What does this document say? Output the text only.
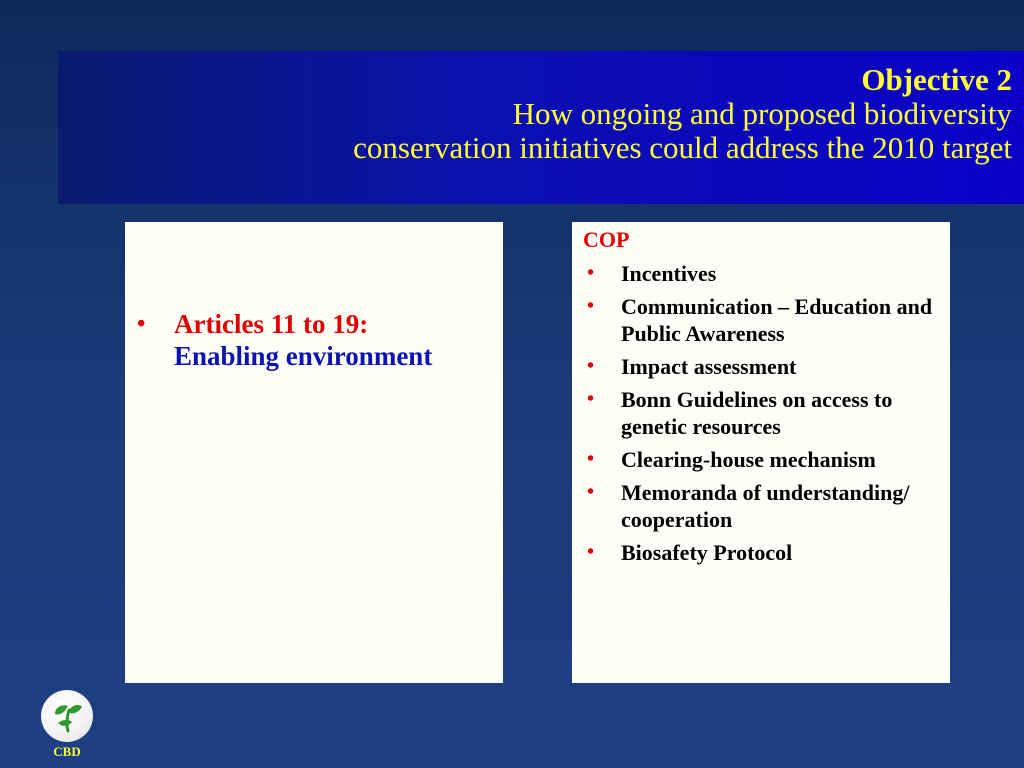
Objective 2
How ongoing and proposed biodiversity
conservation initiatives could address the 2010 target
• Articles 11 to 19:
Enabling environment
COP
• Incentives
• Communication – Education and Public Awareness
• Impact assessment
• Bonn Guidelines on access to genetic resources
• Clearing-house mechanism
• Memoranda of understanding/ cooperation
• Biosafety Protocol
CBD
